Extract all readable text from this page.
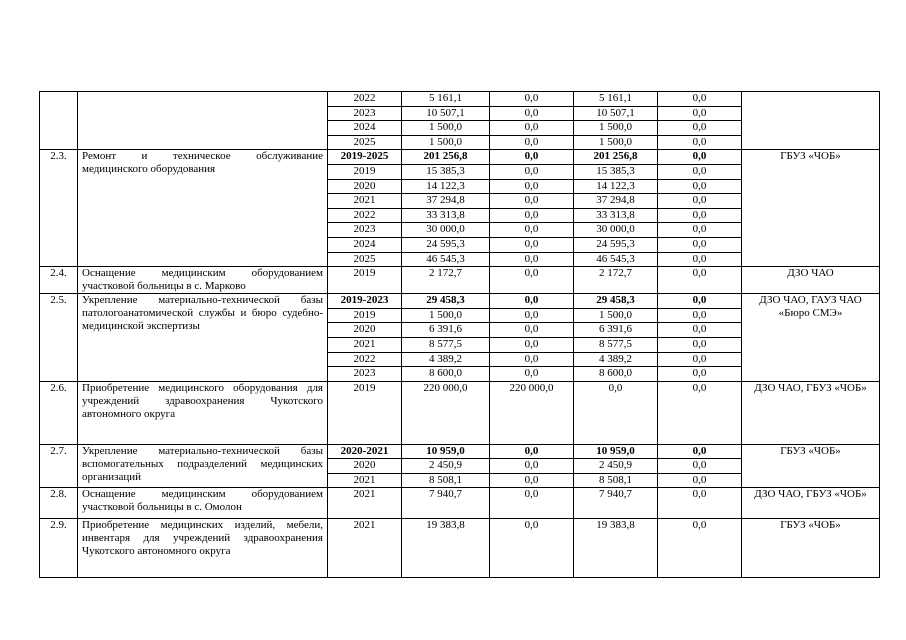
		2022	5 161,1	0,0	5 161,1	0,0	
		2023	10 507,1	0,0	10 507,1	0,0	
		2024	1 500,0	0,0	1 500,0	0,0	
		2025	1 500,0	0,0	1 500,0	0,0	
2.3.	Ремонт и техническое обслуживание медицинского оборудования	2019-2025	201 256,8	0,0	201 256,8	0,0	ГБУЗ «ЧОБ»
		2019	15 385,3	0,0	15 385,3	0,0	
		2020	14 122,3	0,0	14 122,3	0,0	
		2021	37 294,8	0,0	37 294,8	0,0	
		2022	33 313,8	0,0	33 313,8	0,0	
		2023	30 000,0	0,0	30 000,0	0,0	
		2024	24 595,3	0,0	24 595,3	0,0	
		2025	46 545,3	0,0	46 545,3	0,0	
2.4.	Оснащение медицинским оборудованием участковой больницы в с. Марково	2019	2 172,7	0,0	2 172,7	0,0	ДЗО ЧАО
2.5.	Укрепление материально-технической базы патологоанатомической службы и бюро судебно-медицинской экспертизы	2019-2023	29 458,3	0,0	29 458,3	0,0	ДЗО ЧАО, ГАУЗ ЧАО «Бюро СМЭ»
		2019	1 500,0	0,0	1 500,0	0,0	
		2020	6 391,6	0,0	6 391,6	0,0	
		2021	8 577,5	0,0	8 577,5	0,0	
		2022	4 389,2	0,0	4 389,2	0,0	
		2023	8 600,0	0,0	8 600,0	0,0	
2.6.	Приобретение медицинского оборудования для учреждений здравоохранения Чукотского автономного округа	2019	220 000,0	220 000,0	0,0	0,0	ДЗО ЧАО, ГБУЗ «ЧОБ»
2.7.	Укрепление материально-технической базы вспомогательных подразделений медицинских организаций	2020-2021	10 959,0	0,0	10 959,0	0,0	ГБУЗ «ЧОБ»
		2020	2 450,9	0,0	2 450,9	0,0	
		2021	8 508,1	0,0	8 508,1	0,0	
2.8.	Оснащение медицинским оборудованием участковой больницы в с. Омолон	2021	7 940,7	0,0	7 940,7	0,0	ДЗО ЧАО, ГБУЗ «ЧОБ»
2.9.	Приобретение медицинских изделий, мебели, инвентаря для учреждений здравоохранения Чукотского автономного округа	2021	19 383,8	0,0	19 383,8	0,0	ГБУЗ «ЧОБ»
